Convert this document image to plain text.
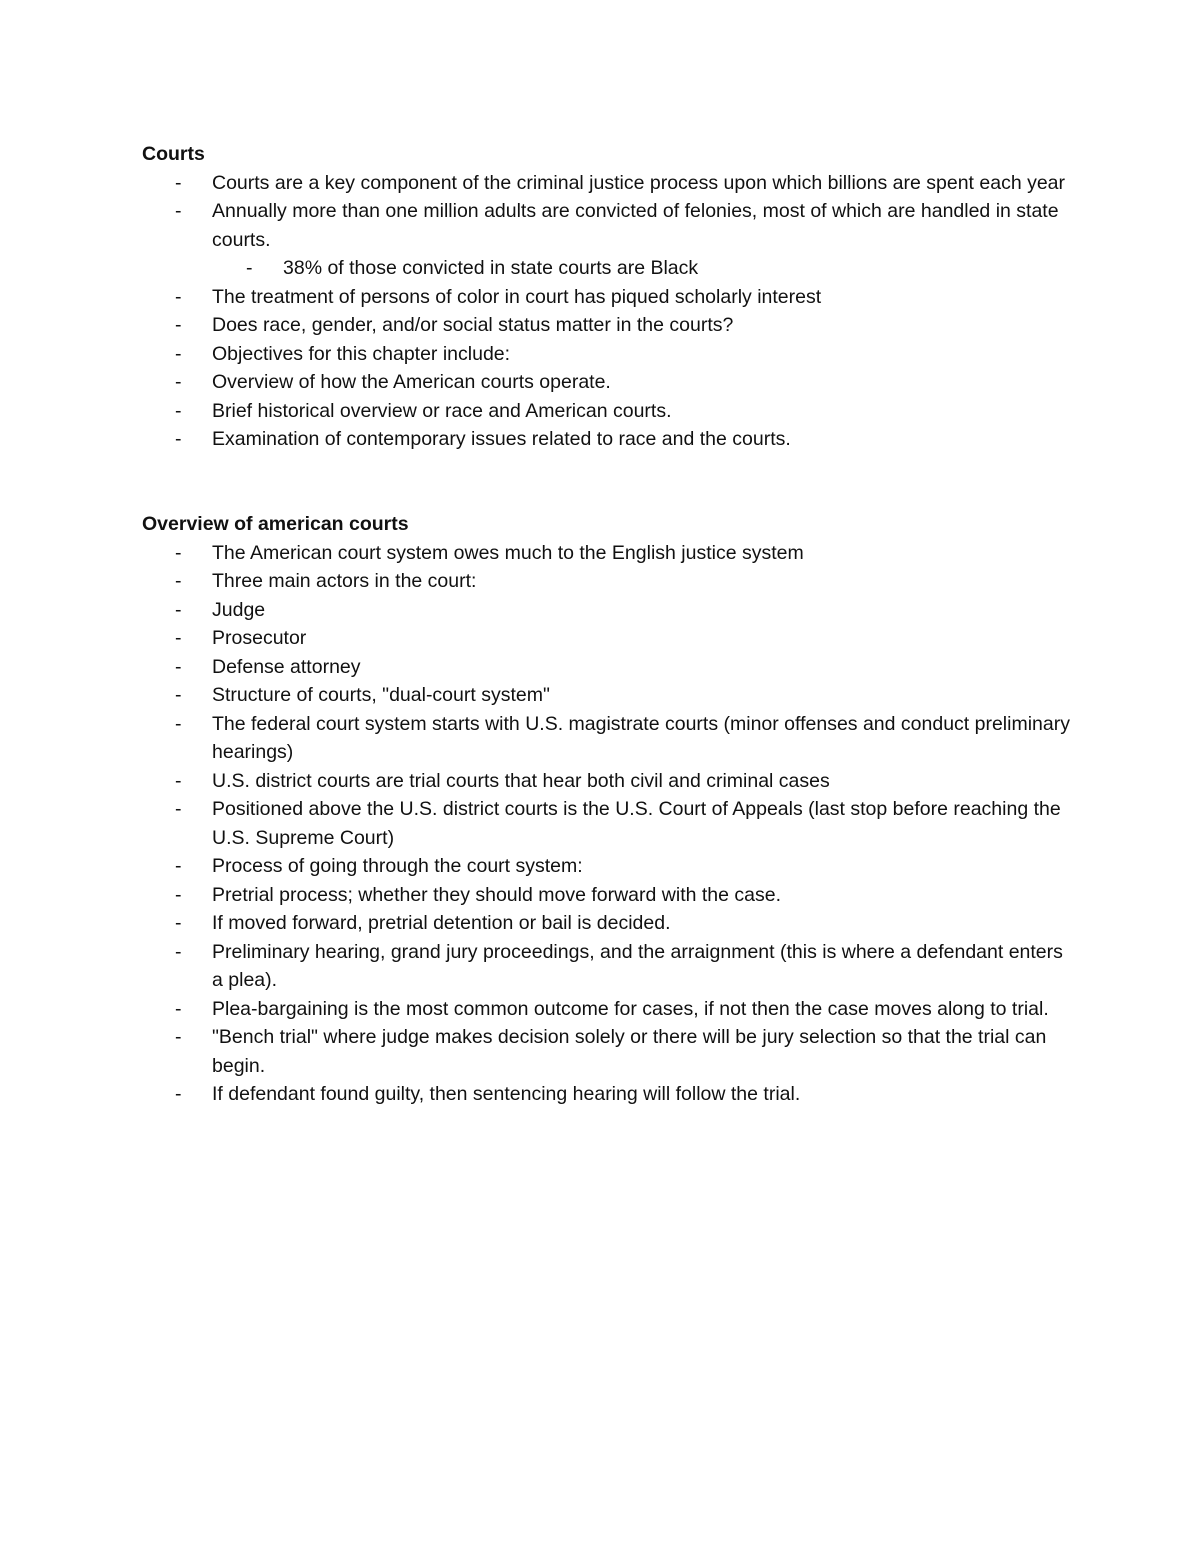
Courts
- Courts are a key component of the criminal justice process upon which billions are spent each year
- Annually more than one million adults are convicted of felonies, most of which are handled in state courts.
- 38% of those convicted in state courts are Black
- The treatment of persons of color in court has piqued scholarly interest
- Does race, gender, and/or social status matter in the courts?
- Objectives for this chapter include:
- Overview of how the American courts operate.
- Brief historical overview or race and American courts.
- Examination of contemporary issues related to race and the courts.
Overview of american courts
- The American court system owes much to the English justice system
- Three main actors in the court:
- Judge
- Prosecutor
- Defense attorney
- Structure of courts, "dual-court system"
- The federal court system starts with U.S. magistrate courts (minor offenses and conduct preliminary hearings)
- U.S. district courts are trial courts that hear both civil and criminal cases
- Positioned above the U.S. district courts is the U.S. Court of Appeals (last stop before reaching the U.S. Supreme Court)
- Process of going through the court system:
- Pretrial process; whether they should move forward with the case.
- If moved forward, pretrial detention or bail is decided.
- Preliminary hearing, grand jury proceedings, and the arraignment (this is where a defendant enters a plea).
- Plea-bargaining is the most common outcome for cases, if not then the case moves along to trial.
- "Bench trial" where judge makes decision solely or there will be jury selection so that the trial can begin.
- If defendant found guilty, then sentencing hearing will follow the trial.
